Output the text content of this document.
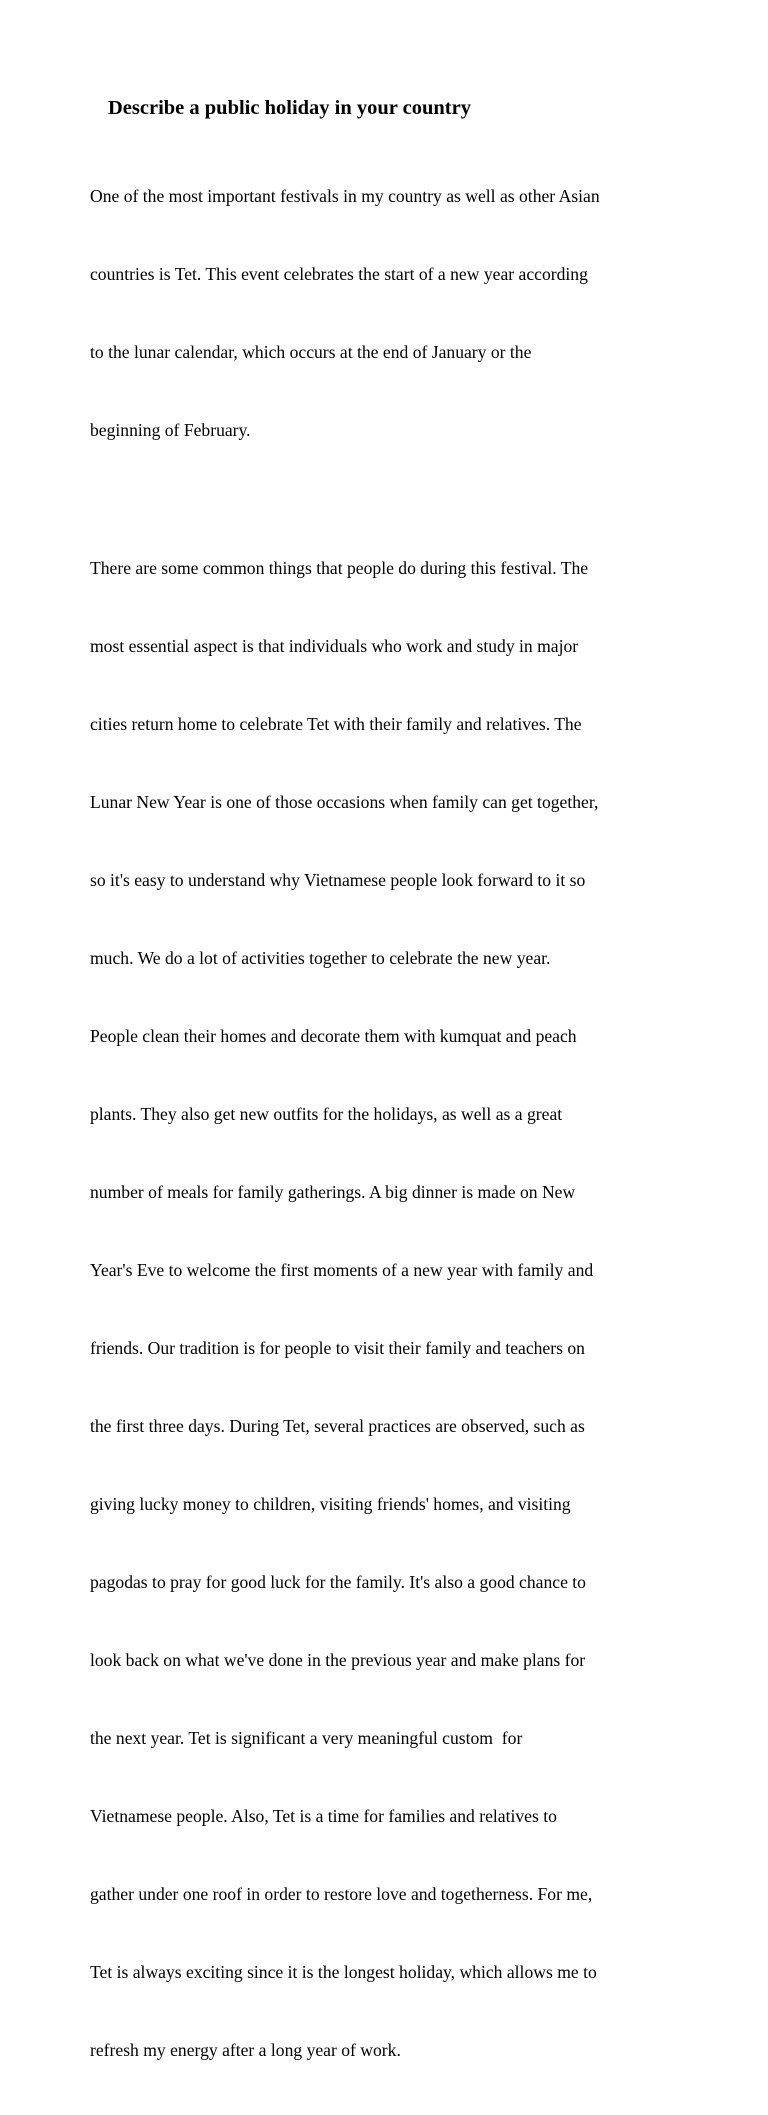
Describe a public holiday in your country

One of the most important festivals in my country as well as other Asian

countries is Tet. This event celebrates the start of a new year according

to the lunar calendar, which occurs at the end of January or the

beginning of February.

There are some common things that people do during this festival. The

most essential aspect is that individuals who work and study in major

cities return home to celebrate Tet with their family and relatives. The

Lunar New Year is one of those occasions when family can get together,

so it's easy to understand why Vietnamese people look forward to it so

much. We do a lot of activities together to celebrate the new year.

People clean their homes and decorate them with kumquat and peach

plants. They also get new outfits for the holidays, as well as a great

number of meals for family gatherings. A big dinner is made on New

Year's Eve to welcome the first moments of a new year with family and

friends. Our tradition is for people to visit their family and teachers on

the first three days. During Tet, several practices are observed, such as

giving lucky money to children, visiting friends' homes, and visiting

pagodas to pray for good luck for the family. It's also a good chance to

look back on what we've done in the previous year and make plans for

the next year. Tet is significant a very meaningful custom  for

Vietnamese people. Also, Tet is a time for families and relatives to

gather under one roof in order to restore love and togetherness. For me,

Tet is always exciting since it is the longest holiday, which allows me to

refresh my energy after a long year of work.
